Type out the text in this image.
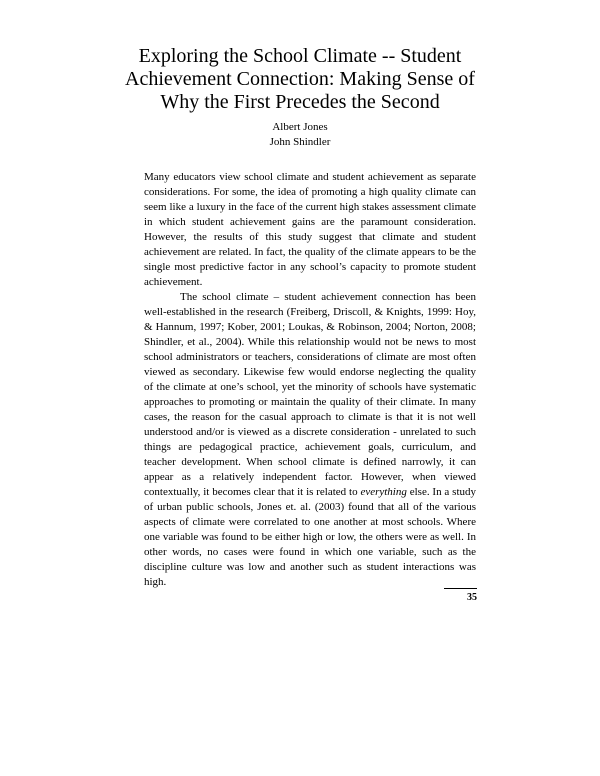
Exploring the School Climate -- Student
Achievement Connection: Making Sense of
Why the First Precedes the Second
Albert Jones
John Shindler

Many educators view school climate and student achievement as separate considerations. For some, the idea of promoting a high quality climate can seem like a luxury in the face of the current high stakes assessment climate in which student achievement gains are the paramount consideration. However, the results of this study suggest that climate and student achievement are related. In fact, the quality of the climate appears to be the single most predictive factor in any school’s capacity to promote student achievement.

The school climate – student achievement connection has been well-established in the research (Freiberg, Driscoll, & Knights, 1999: Hoy, & Hannum, 1997; Kober, 2001; Loukas, & Robinson, 2004; Norton, 2008; Shindler, et al., 2004). While this relationship would not be news to most school administrators or teachers, considerations of climate are most often viewed as secondary. Likewise few would endorse neglecting the quality of the climate at one’s school, yet the minority of schools have systematic approaches to promoting or maintain the quality of their climate. In many cases, the reason for the casual approach to climate is that it is not well understood and/or is viewed as a discrete consideration - unrelated to such things are pedagogical practice, achievement goals, curriculum, and teacher development. When school climate is defined narrowly, it can appear as a relatively independent factor. However, when viewed contextually, it becomes clear that it is related to everything else. In a study of urban public schools, Jones et. al. (2003) found that all of the various aspects of climate were correlated to one another at most schools. Where one variable was found to be either high or low, the others were as well. In other words, no cases were found in which one variable, such as the discipline culture was low and another such as student interactions was high.

35
